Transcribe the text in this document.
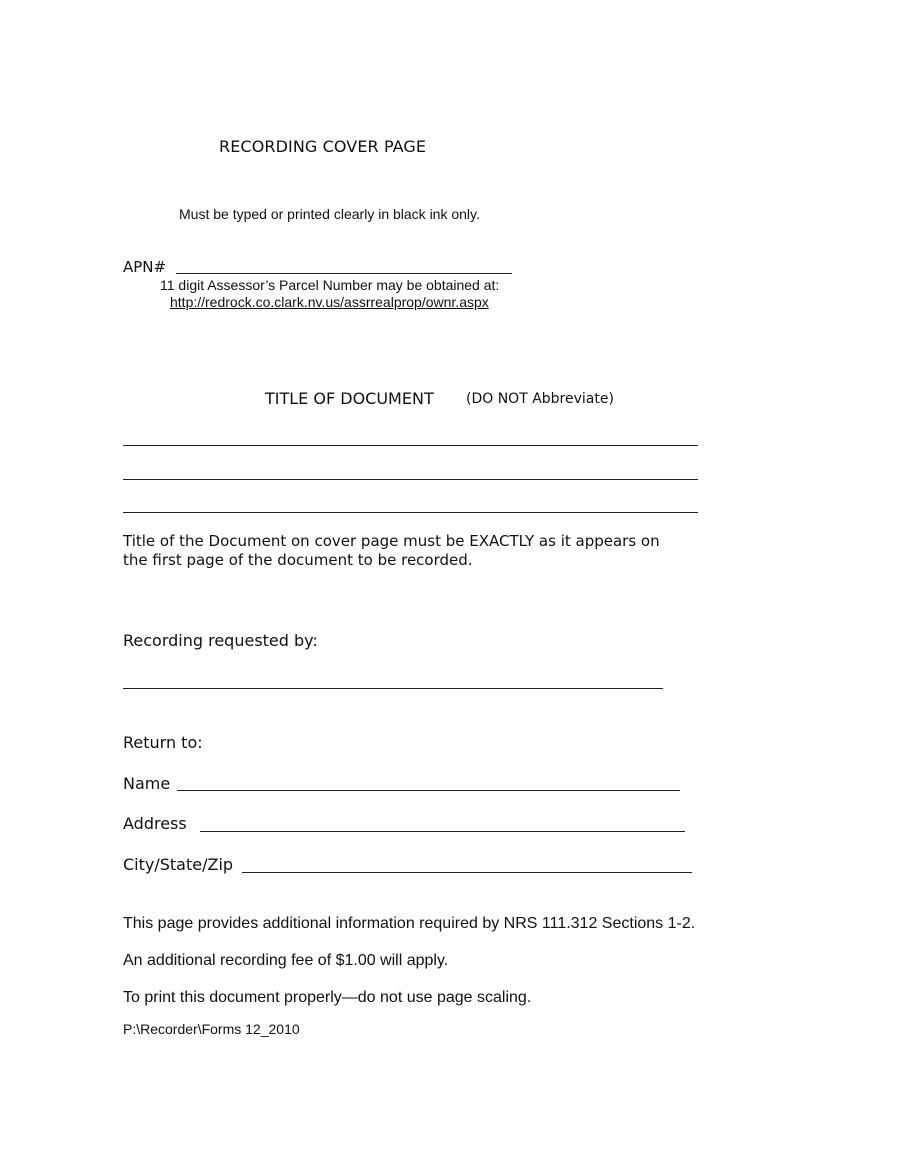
RECORDING COVER PAGE
Must be typed or printed clearly in black ink only.
APN#
11 digit Assessor’s Parcel Number may be obtained at:
http://redrock.co.clark.nv.us/assrrealprop/ownr.aspx
TITLE OF DOCUMENT (DO NOT Abbreviate)
Title of the Document on cover page must be EXACTLY as it appears on the first page of the document to be recorded.
Recording requested by:
Return to:
Name
Address
City/State/Zip
This page provides additional information required by NRS 111.312 Sections 1-2.
An additional recording fee of $1.00 will apply.
To print this document properly—do not use page scaling.
P:\Recorder\Forms 12_2010
